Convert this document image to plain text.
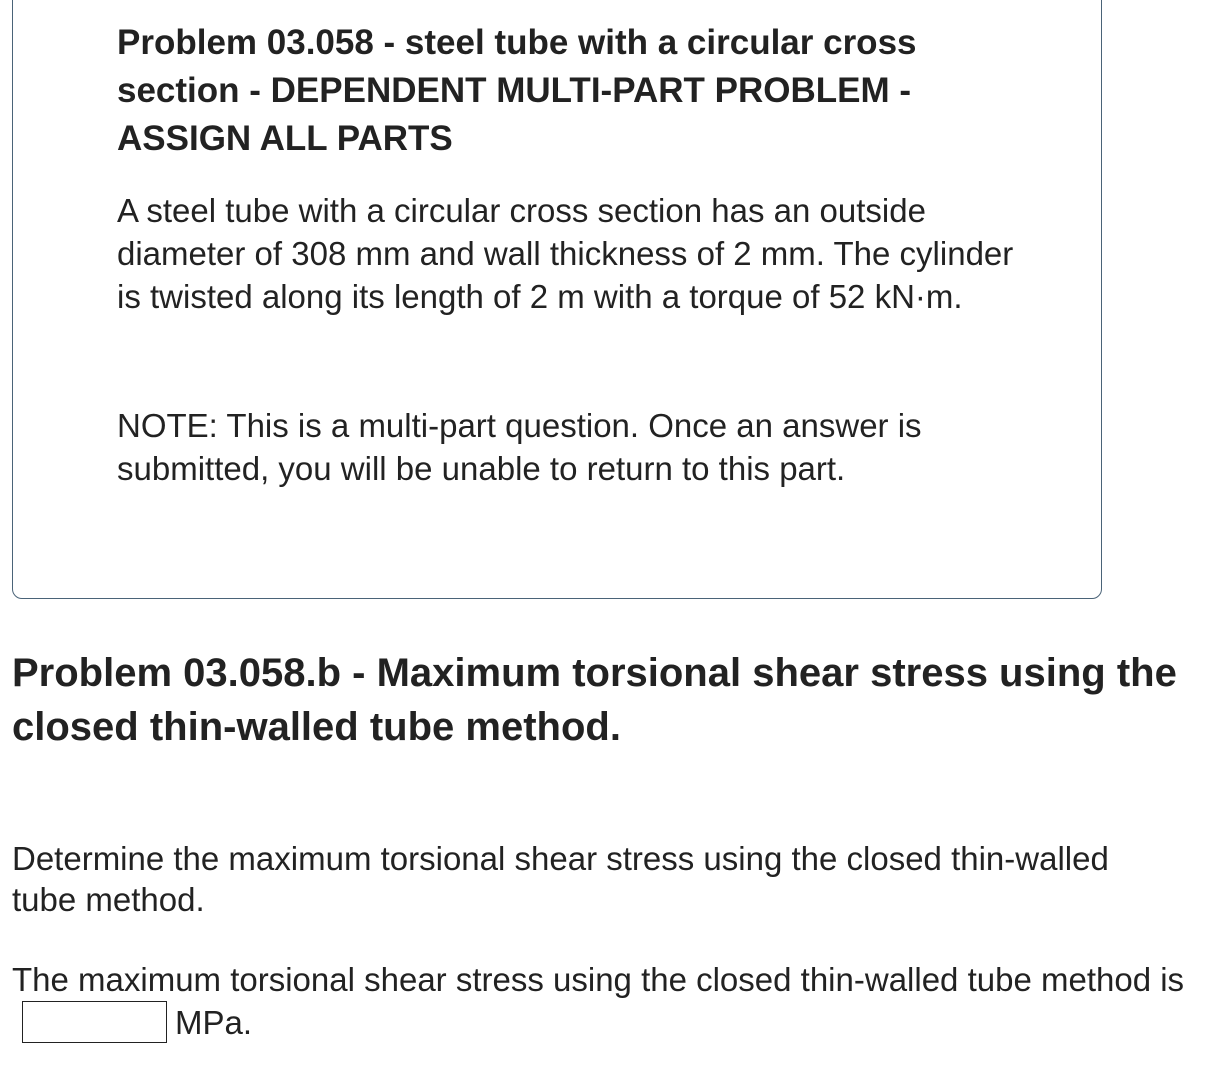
Problem 03.058 - steel tube with a circular cross section - DEPENDENT MULTI-PART PROBLEM - ASSIGN ALL PARTS

A steel tube with a circular cross section has an outside diameter of 308 mm and wall thickness of 2 mm. The cylinder is twisted along its length of 2 m with a torque of 52 kN·m.

NOTE: This is a multi-part question. Once an answer is submitted, you will be unable to return to this part.

Problem 03.058.b - Maximum torsional shear stress using the closed thin-walled tube method.

Determine the maximum torsional shear stress using the closed thin-walled tube method.

The maximum torsional shear stress using the closed thin-walled tube method isMPa.
